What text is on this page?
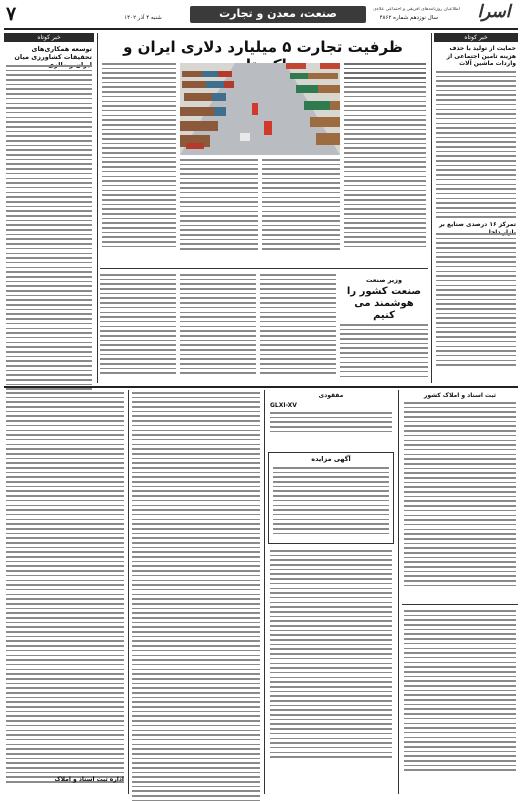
۷	صنعت، معدن و تجارت
شنبه ۴ آذر ۱۴۰۲	سال نوزدهم شماره ۴۸۶۲
اطلاعیان روزنامه‌های آفریقی و اجتماعی علاءی	اسرا
خبر کوتاه
توسعه همکاری‌های تحقیقات کشاورزی میان
ظرفیت تجارت ۵ میلیارد دلاری ایران و
وزیر صنعت
صنعت کشور را هوشمند می کنیم
خبر کوتاه
حمایت از تولید با حذف هزینه تامین اجتماعی از واردات ماشین آلات
تمرکز ۱۶ درصدی صنایع بر
اداره ثبت اسناد و املاک
مفقودی
GLXI-XV
آگهی مزایده
ثبت اسناد و املاک کشور
